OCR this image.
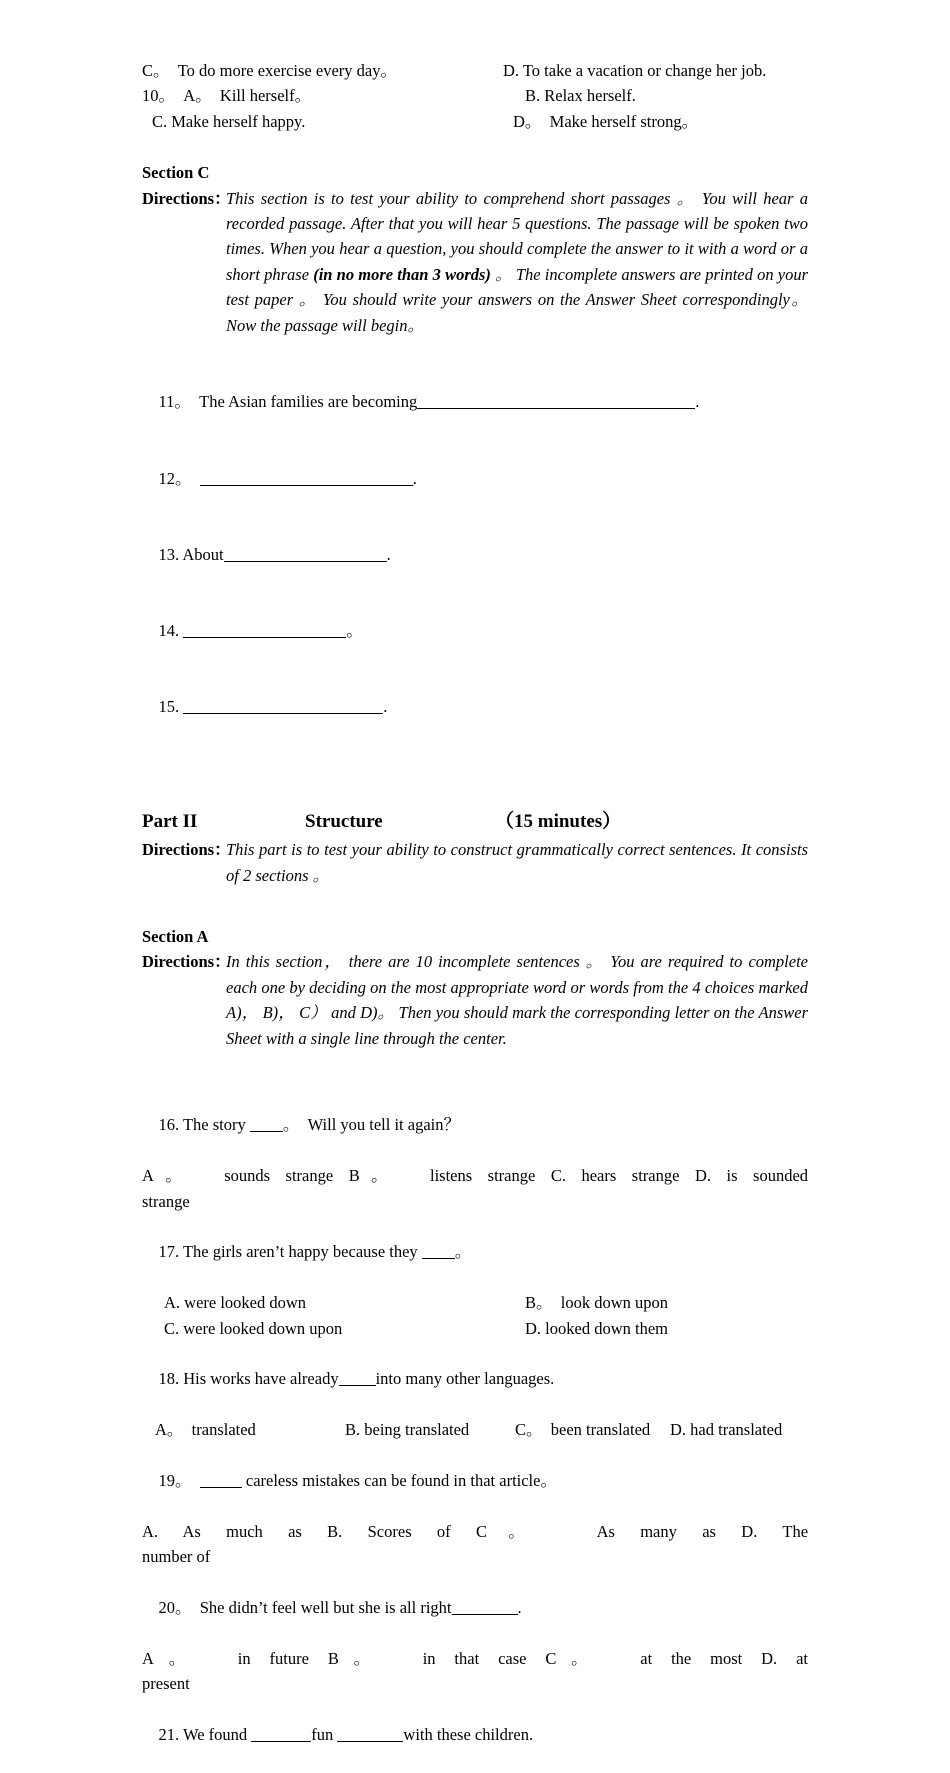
C。  To do more exercise every day。	D. To take a vacation or change her job.
10。  A。  Kill herself。	B. Relax herself.
C. Make herself happy.	D。  Make herself strong。
Section C
Directions：This section is to test your ability to comprehend short passages 。 You will hear a recorded passage. After that you will hear 5 questions. The passage will be spoken two times. When you hear a question, you should complete the answer to it with a word or a short phrase (in no more than 3 words) 。 The incomplete answers are printed on your test paper 。 You should write your answers on the Answer Sheet correspondingly。 Now the passage will begin。

11。  The Asian families are becoming	.

12。	.

13. About	.

14.	。

15.	.

Part II	Structure	（15 minutes）
Directions：This part is to test your ability to construct grammatically correct sentences. It consists of 2 sections 。
Section A
Directions：In this section， there are 10 incomplete sentences 。 You are required to complete each one by deciding on the most appropriate word or words from the 4 choices marked A)， B)， C） and D)。 Then you should mark the corresponding letter on the Answer Sheet with a single line through the center.

16. The story 。  Will you tell it again？

A。  sounds strange B。  listens strange C. hears strange D. is sounded
strange

17. The girls aren’t happy because they 。

A. were looked down	B。  look down upon
C. were looked down upon	D. looked down them

18. His works have already into many other languages.

A。  translated	B. being translated	C。  been translated	D. had translated

19。	careless mistakes can be found in that article。

A. As much as B. Scores of C。  As many as D. The
number of

20。  She didn’t feel well but she is all right	.

A。  in future B。  in that case C。  at the most D. at
present

21. We found	fun	with these children.
